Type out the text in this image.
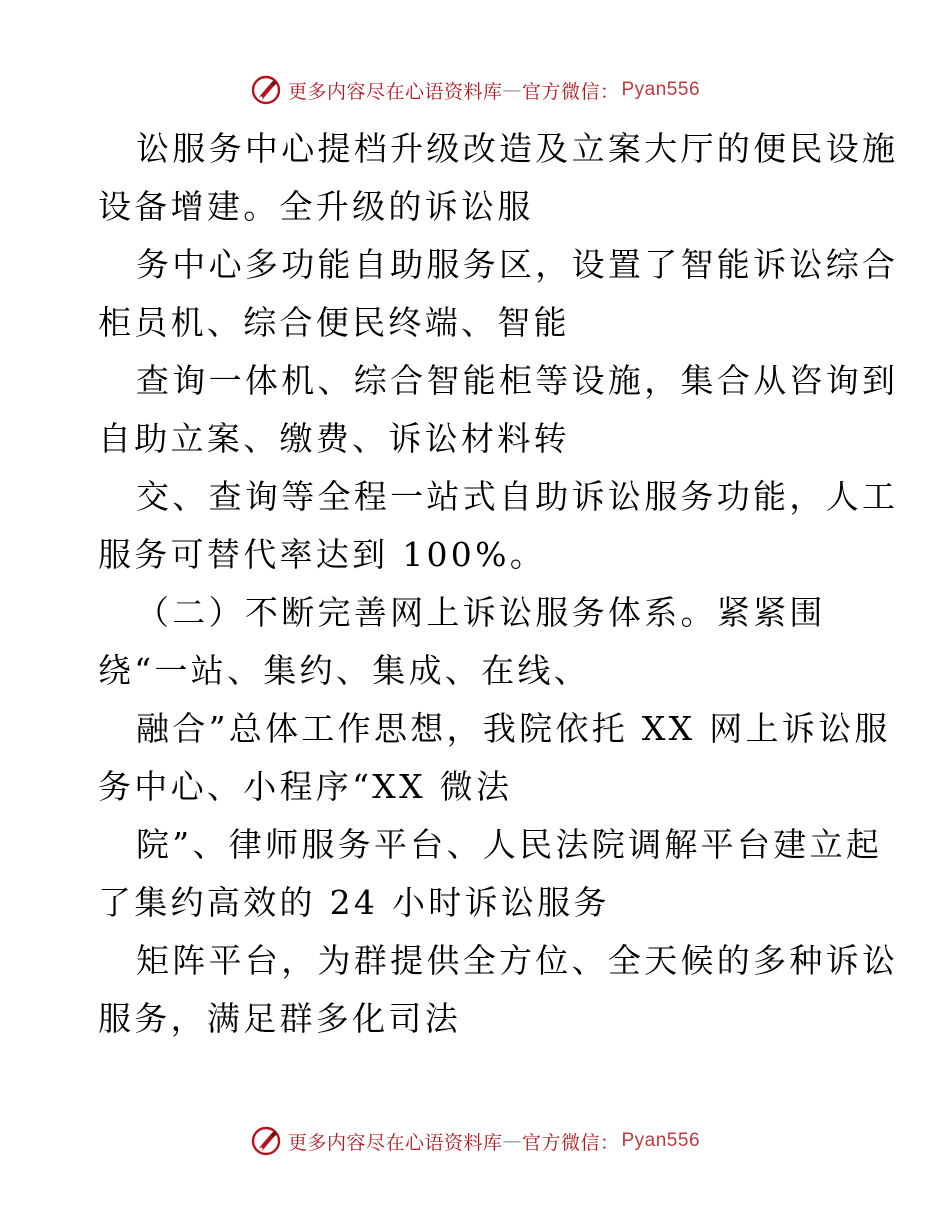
更多内容尽在心语资料库 — 官方微信： Pyan556
讼服务中心提档升级改造及立案大厅的便民设施
设备增建。全升级的诉讼服
务中心多功能自助服务区，设置了智能诉讼综合
柜员机、综合便民终端、智能
查询一体机、综合智能柜等设施，集合从咨询到
自助立案、缴费、诉讼材料转
交、查询等全程一站式自助诉讼服务功能，人工
服务可替代率达到 100%。
（二）不断完善网上诉讼服务体系。紧紧围
绕“一站、集约、集成、在线、
融合”总体工作思想，我院依托 XX 网上诉讼服
务中心、小程序“XX 微法
院”、律师服务平台、人民法院调解平台建立起
了集约高效的 24 小时诉讼服务
矩阵平台，为群提供全方位、全天候的多种诉讼
服务，满足群多化司法
更多内容尽在心语资料库 — 官方微信： Pyan556
